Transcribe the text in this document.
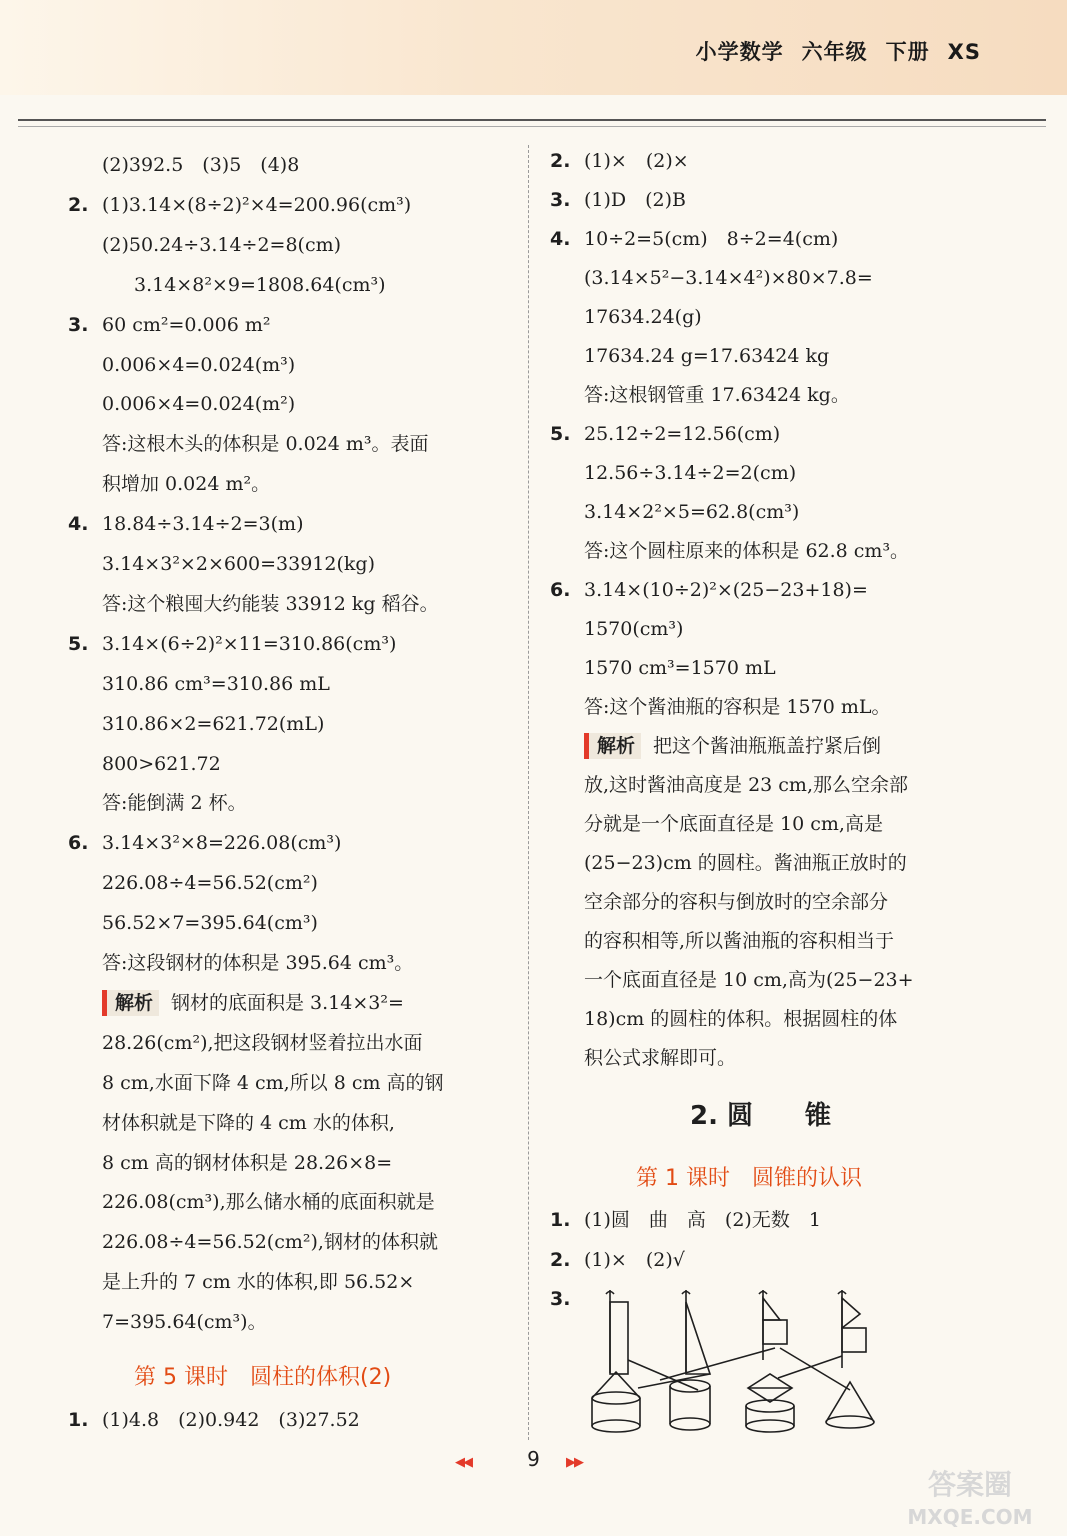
小学数学 六年级 下册 XS
(2)392.5　(3)5　(4)8
2. (1)3.14×(8÷2)²×4=200.96(cm³)
(2)50.24÷3.14÷2=8(cm)
3.14×8²×9=1808.64(cm³)
3. 60 cm²=0.006 m²
0.006×4=0.024(m³)
0.006×4=0.024(m²)
答:这根木头的体积是 0.024 m³。表面
积增加 0.024 m²。
4. 18.84÷3.14÷2=3(m)
3.14×3²×2×600=33912(kg)
答:这个粮囤大约能装 33912 kg 稻谷。
5. 3.14×(6÷2)²×11=310.86(cm³)
310.86 cm³=310.86 mL
310.86×2=621.72(mL)
800>621.72
答:能倒满 2 杯。
6. 3.14×3²×8=226.08(cm³)
226.08÷4=56.52(cm²)
56.52×7=395.64(cm³)
答:这段钢材的体积是 395.64 cm³。
解析 钢材的底面积是 3.14×3²=
28.26(cm²),把这段钢材竖着拉出水面
8 cm,水面下降 4 cm,所以 8 cm 高的钢
材体积就是下降的 4 cm 水的体积,
8 cm 高的钢材体积是 28.26×8=
226.08(cm³),那么储水桶的底面积就是
226.08÷4=56.52(cm²),钢材的体积就
是上升的 7 cm 水的体积,即 56.52×
7=395.64(cm³)。
2. (1)×　(2)×
3. (1)D　(2)B
4. 10÷2=5(cm)　8÷2=4(cm)
(3.14×5²−3.14×4²)×80×7.8=
17634.24(g)
17634.24 g=17.63424 kg
答:这根钢管重 17.63424 kg。
5. 25.12÷2=12.56(cm)
12.56÷3.14÷2=2(cm)
3.14×2²×5=62.8(cm³)
答:这个圆柱原来的体积是 62.8 cm³。
6. 3.14×(10÷2)²×(25−23+18)=
1570(cm³)
1570 cm³=1570 mL
答:这个酱油瓶的容积是 1570 mL。
解析 把这个酱油瓶瓶盖拧紧后倒
放,这时酱油高度是 23 cm,那么空余部
分就是一个底面直径是 10 cm,高是
(25−23)cm 的圆柱。酱油瓶正放时的
空余部分的容积与倒放时的空余部分
的容积相等,所以酱油瓶的容积相当于
一个底面直径是 10 cm,高为(25−23+
18)cm 的圆柱的体积。根据圆柱的体
积公式求解即可。
第 5 课时　圆柱的体积(2)
1. (1)4.8　(2)0.942　(3)27.52
2. 圆　　锥
第 1 课时　圆锥的认识
1. (1)圆　曲　高　(2)无数　1
2. (1)×　(2)√
3.
◀◀	9	▶▶
答案圈
MXQE.COM
